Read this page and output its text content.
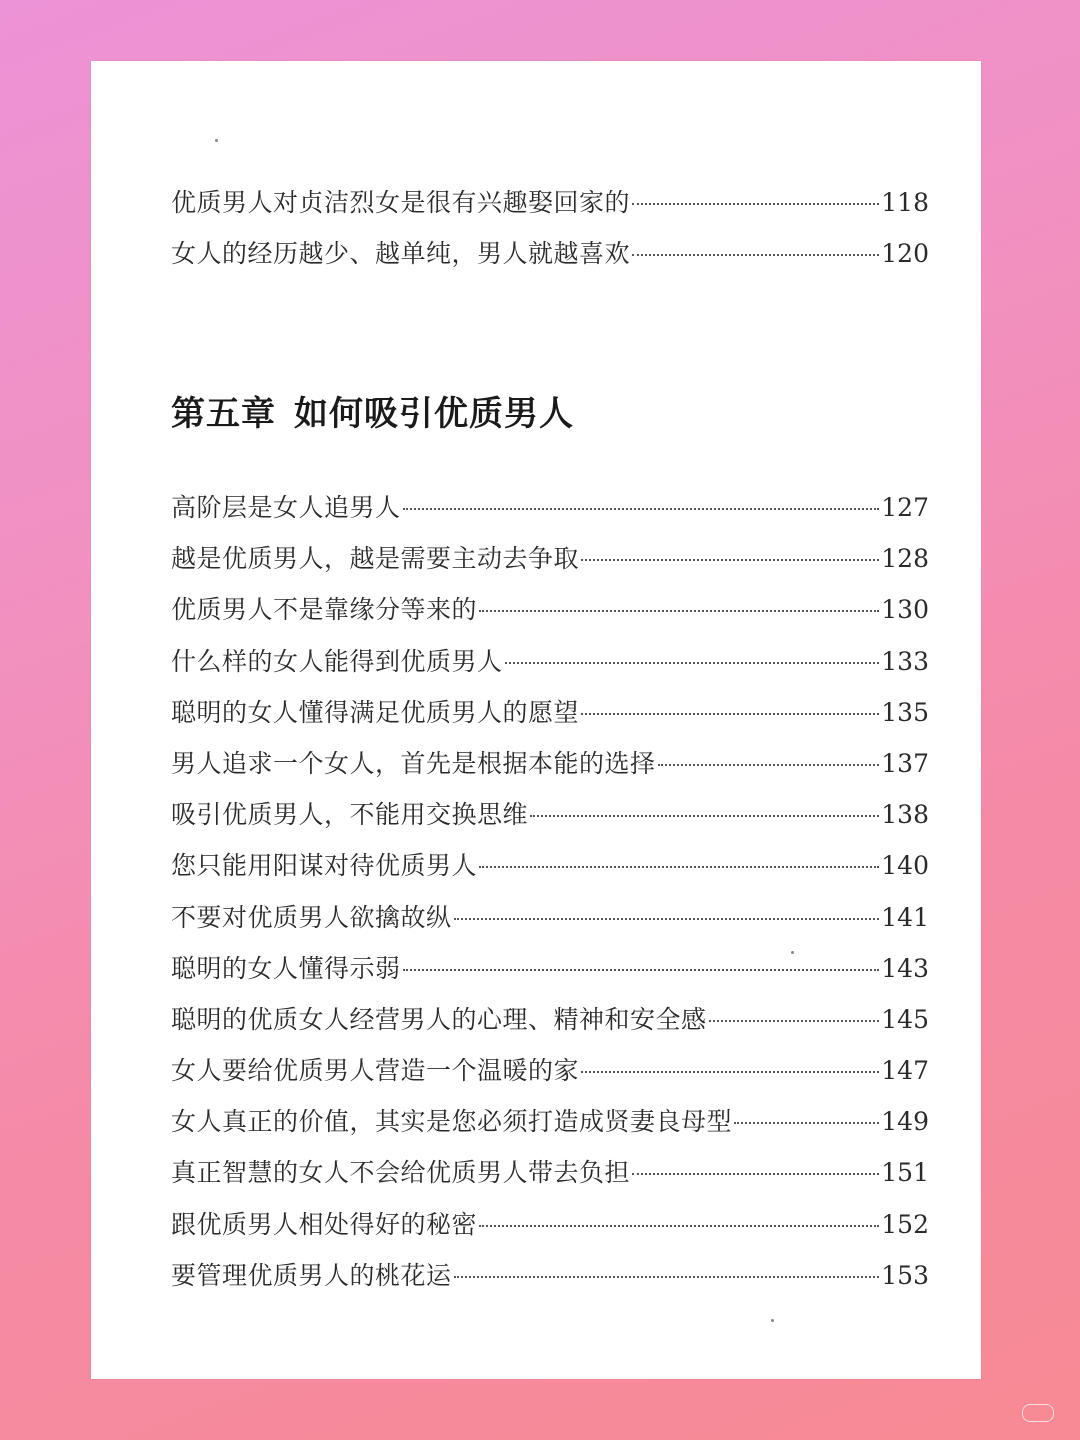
优质男人对贞洁烈女是很有兴趣娶回家的	118
女人的经历越少、越单纯，男人就越喜欢	120
第五章 如何吸引优质男人
高阶层是女人追男人	127
越是优质男人，越是需要主动去争取	128
优质男人不是靠缘分等来的	130
什么样的女人能得到优质男人	133
聪明的女人懂得满足优质男人的愿望	135
男人追求一个女人，首先是根据本能的选择	137
吸引优质男人，不能用交换思维	138
您只能用阳谋对待优质男人	140
不要对优质男人欲擒故纵	141
聪明的女人懂得示弱	143
聪明的优质女人经营男人的心理、精神和安全感	145
女人要给优质男人营造一个温暖的家	147
女人真正的价值，其实是您必须打造成贤妻良母型	149
真正智慧的女人不会给优质男人带去负担	151
跟优质男人相处得好的秘密	152
要管理优质男人的桃花运	153
